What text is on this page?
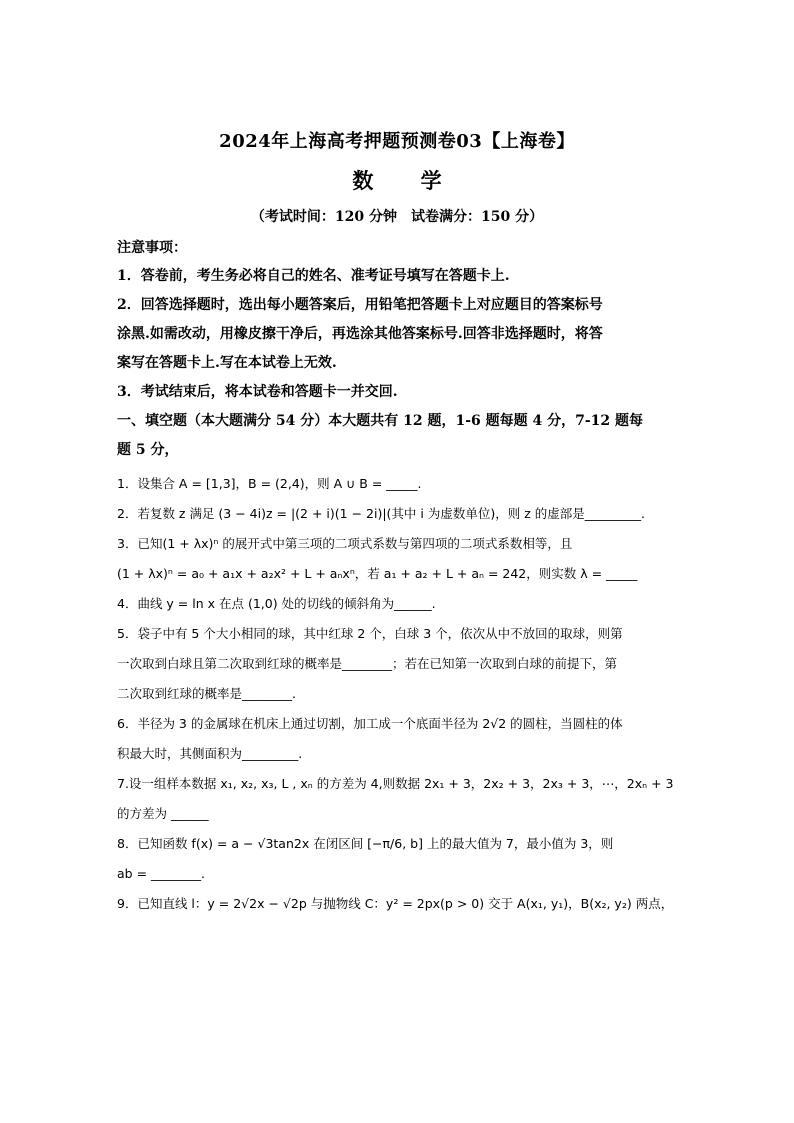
2024年上海高考押题预测卷03【上海卷】
数 学
（考试时间：120 分钟　试卷满分：150 分）
注意事项：
1．答卷前，考生务必将自己的姓名、准考证号填写在答题卡上.
2．回答选择题时，选出每小题答案后，用铅笔把答题卡上对应题目的答案标号
涂黑.如需改动，用橡皮擦干净后，再选涂其他答案标号.回答非选择题时，将答
案写在答题卡上.写在本试卷上无效.
3．考试结束后，将本试卷和答题卡一并交回.
一、填空题（本大题满分 54 分）本大题共有 12 题，1-6 题每题 4 分，7-12 题每
题 5 分，
1．设集合 A = [1,3]，B = (2,4)，则 A ∪ B = _____.
2．若复数 z 满足 (3 − 4i)z = |(2 + i)(1 − 2i)|(其中 i 为虚数单位)，则 z 的虚部是_________.
3．已知(1 + λx)ⁿ 的展开式中第三项的二项式系数与第四项的二项式系数相等，且
(1 + λx)ⁿ = a₀ + a₁x + a₂x² + L + aₙxⁿ，若 a₁ + a₂ + L + aₙ = 242，则实数 λ = _____
4．曲线 y = ln x 在点 (1,0) 处的切线的倾斜角为______.
5．袋子中有 5 个大小相同的球，其中红球 2 个，白球 3 个，依次从中不放回的取球，则第
一次取到白球且第二次取到红球的概率是________；若在已知第一次取到白球的前提下，第
二次取到红球的概率是________.
6．半径为 3 的金属球在机床上通过切割，加工成一个底面半径为 2√2 的圆柱，当圆柱的体
积最大时，其侧面积为_________.
7.设一组样本数据 x₁, x₂, x₃, L , xₙ 的方差为 4,则数据 2x₁ + 3，2x₂ + 3，2x₃ + 3，⋯，2xₙ + 3
的方差为 ______
8．已知函数 f(x) = a − √3tan2x 在闭区间 [−π/6, b] 上的最大值为 7，最小值为 3，则
ab = ________.
9．已知直线 l：y = 2√2x − √2p 与抛物线 C：y² = 2px(p > 0) 交于 A(x₁, y₁)，B(x₂, y₂) 两点，
